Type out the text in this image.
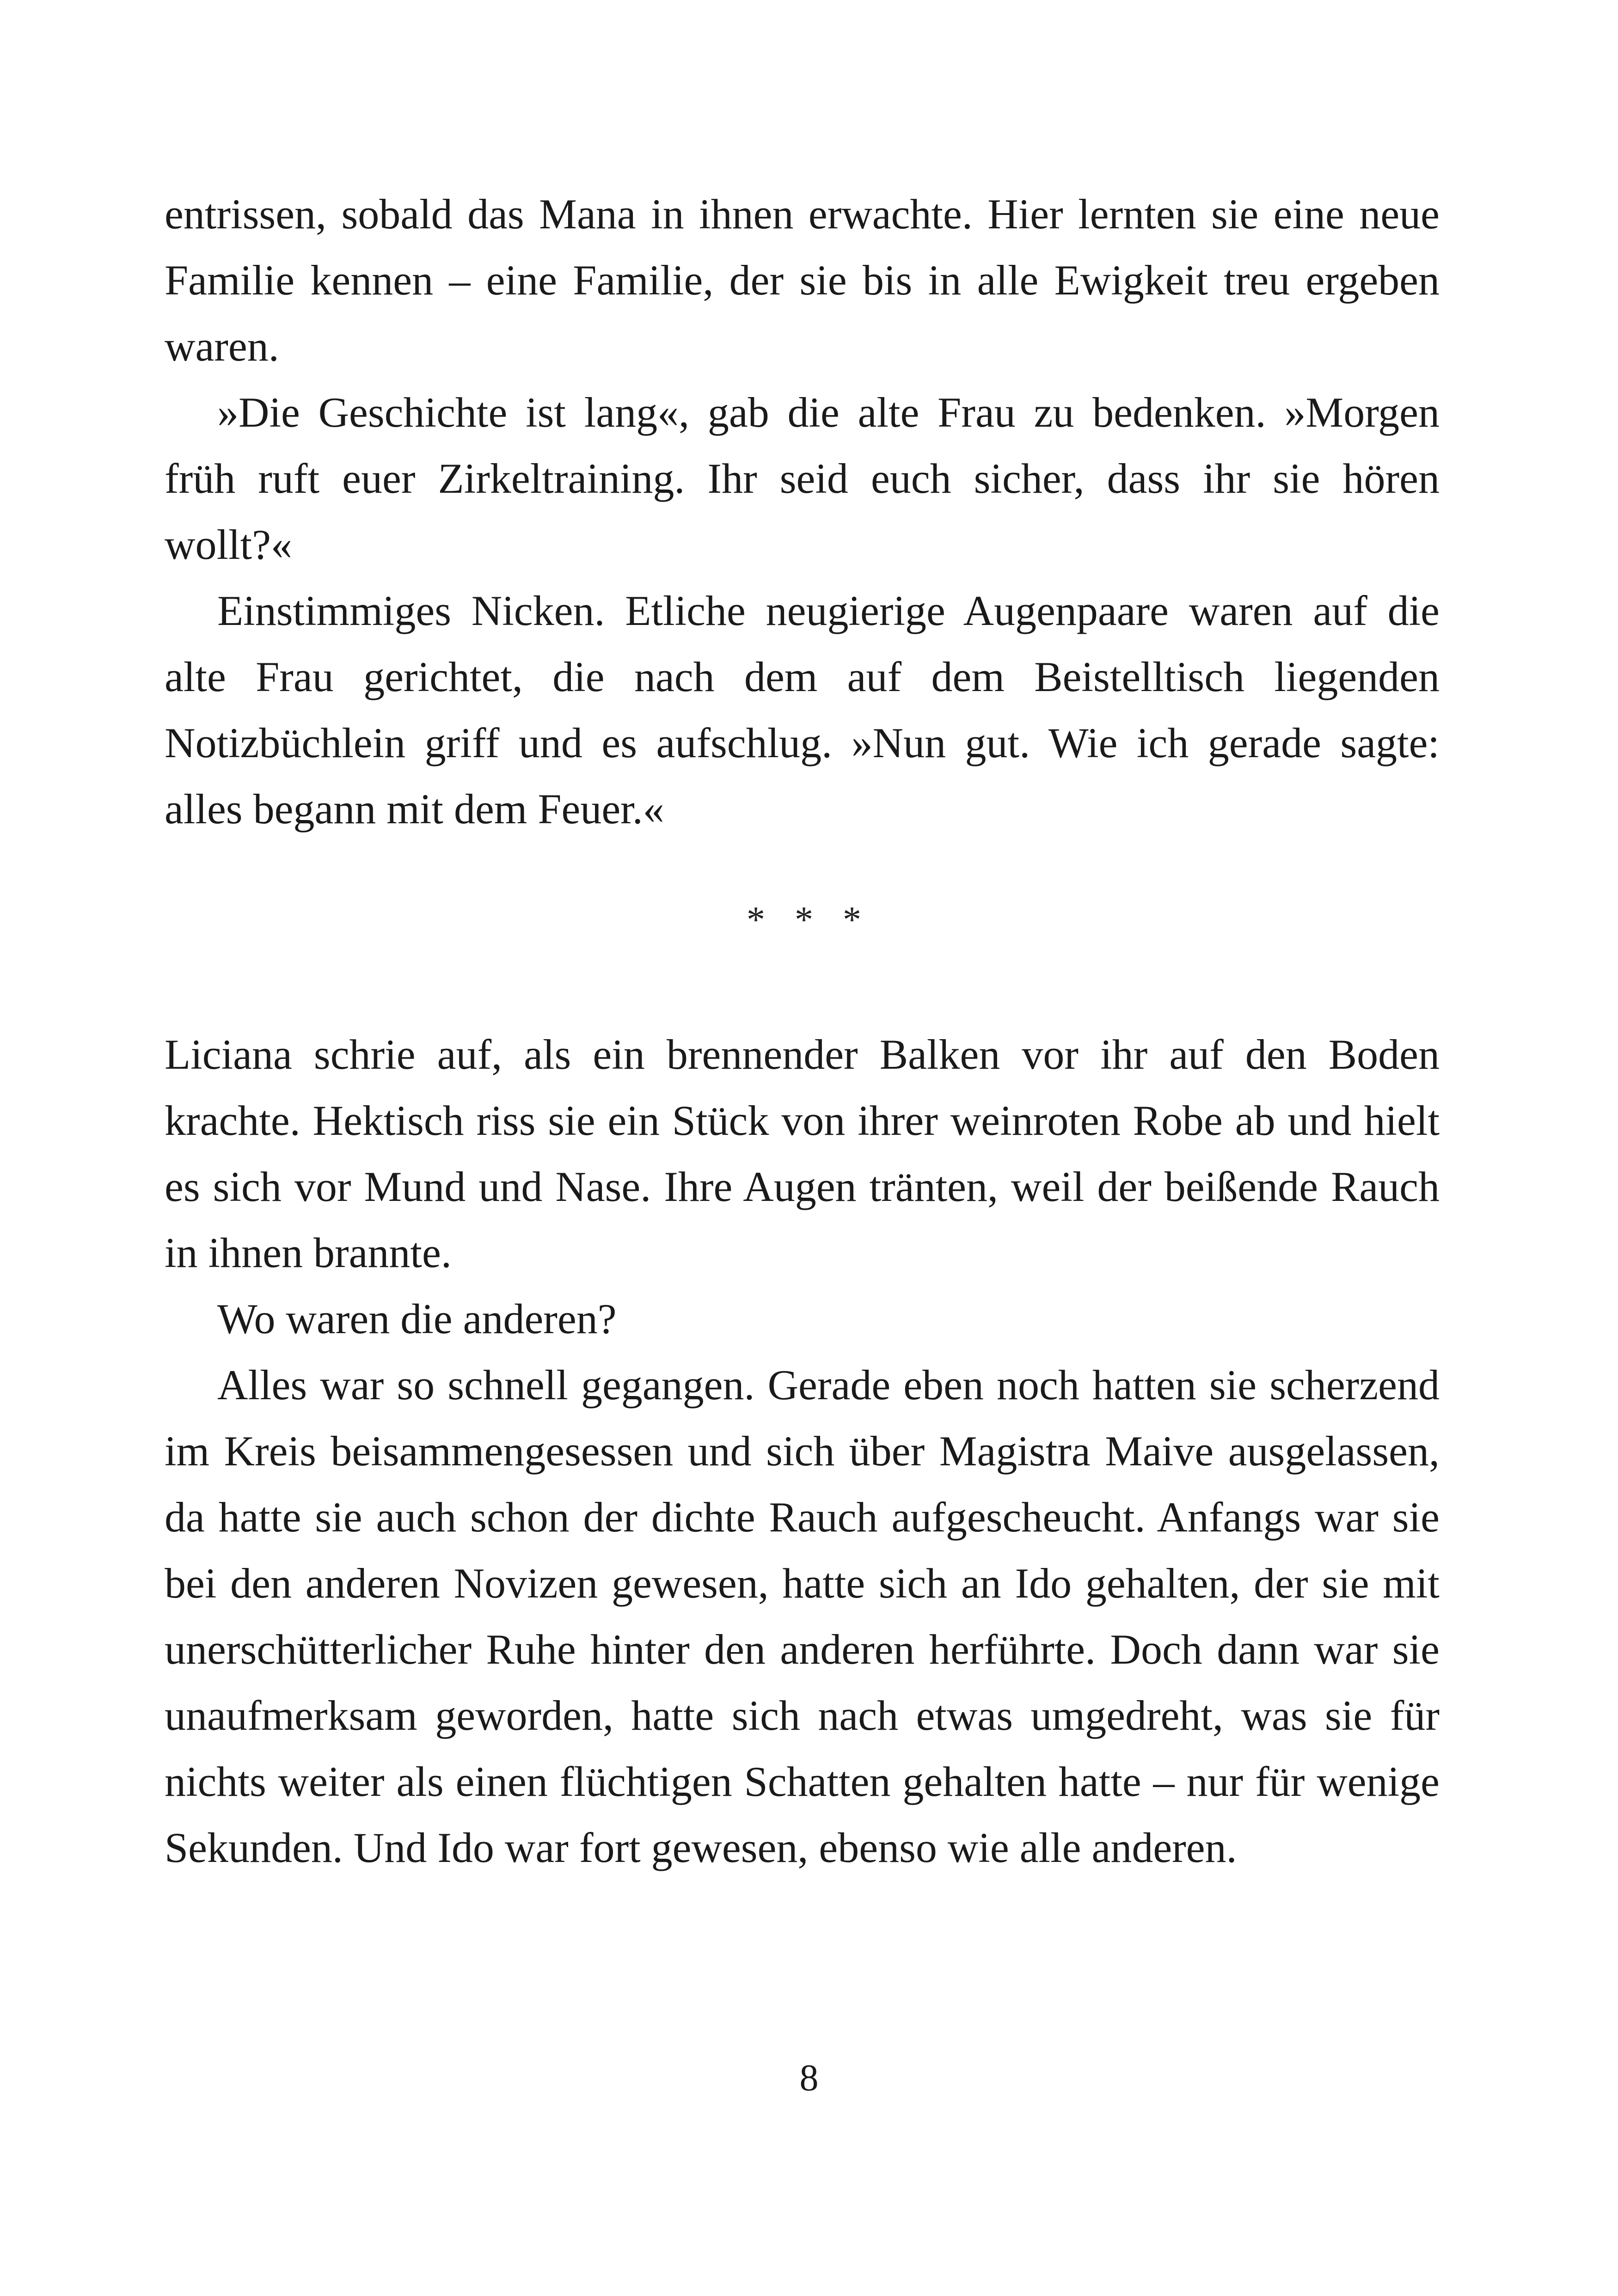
entrissen, sobald das Mana in ihnen erwachte. Hier lernten sie eine neue Familie kennen – eine Familie, der sie bis in alle Ewigkeit treu ergeben waren.

»Die Geschichte ist lang«, gab die alte Frau zu bedenken. »Morgen früh ruft euer Zirkeltraining. Ihr seid euch sicher, dass ihr sie hören wollt?«

Einstimmiges Nicken. Etliche neugierige Augenpaare waren auf die alte Frau gerichtet, die nach dem auf dem Beistelltisch liegenden Notizbüchlein griff und es aufschlug. »Nun gut. Wie ich gerade sagte: alles begann mit dem Feuer.«

* * *

Liciana schrie auf, als ein brennender Balken vor ihr auf den Boden krachte. Hektisch riss sie ein Stück von ihrer weinroten Robe ab und hielt es sich vor Mund und Nase. Ihre Augen tränten, weil der beißende Rauch in ihnen brannte.

Wo waren die anderen?

Alles war so schnell gegangen. Gerade eben noch hatten sie scherzend im Kreis beisammengesessen und sich über Magistra Maive ausgelassen, da hatte sie auch schon der dichte Rauch aufgescheucht. Anfangs war sie bei den anderen Novizen gewesen, hatte sich an Ido gehalten, der sie mit unerschütterlicher Ruhe hinter den anderen herführte. Doch dann war sie unaufmerksam geworden, hatte sich nach etwas umgedreht, was sie für nichts weiter als einen flüchtigen Schatten gehalten hatte – nur für wenige Sekunden. Und Ido war fort gewesen, ebenso wie alle anderen.

8
